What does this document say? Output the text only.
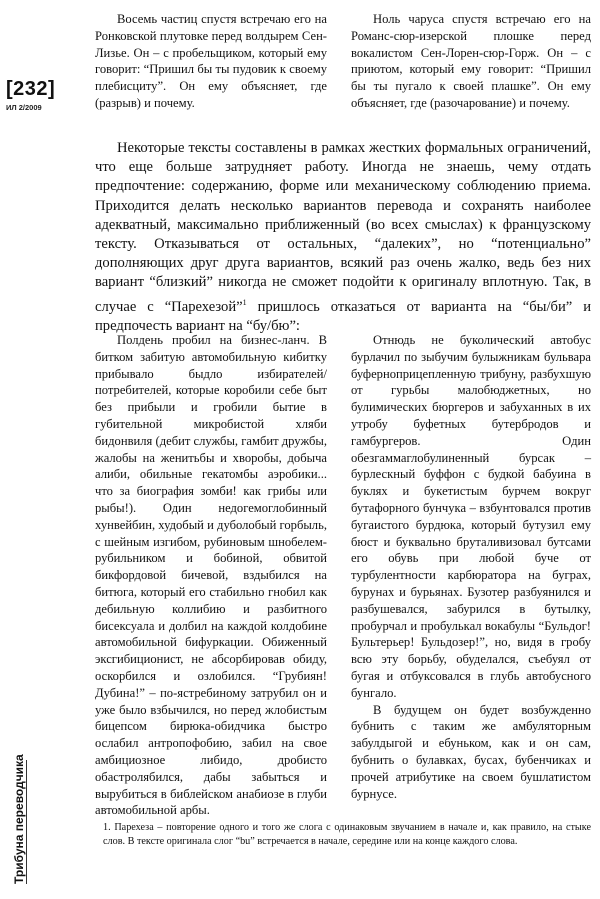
[232]
ИЛ 2/2009

Восемь частиц спустя встречаю его на Ронковской плутовке перед волдырем Сен-Лизье. Он – с пробельщиком, который ему говорит: “Пришил бы ты пудовик к своему плебисциту”. Он ему объясняет, где (разрыв) и почему.

Ноль чаруса спустя встречаю его на Романс-сюр-изерской плошке перед вокалистом Сен-Лорен-сюр-Горж. Он – с приютом, который ему говорит: “Пришил бы ты пугало к своей плашке”. Он ему объясняет, где (разочарование) и почему.

Некоторые тексты составлены в рамках жестких формальных ограничений, что еще больше затрудняет работу. Иногда не знаешь, чему отдать предпочтение: содержанию, форме или механическому соблюдению приема. Приходится делать несколько вариантов перевода и сохранять наиболее адекватный, максимально приближенный (во всех смыслах) к французскому тексту. Отказываться от остальных, “далеких”, но “потенциально” дополняющих друг друга вариантов, всякий раз очень жалко, ведь без них вариант “близкий” никогда не сможет подойти к оригиналу вплотную. Так, в случае с “Парехезой”$^1$ пришлось отказаться от варианта на “бы/би” и предпочесть вариант на “бу/бю”:

Полдень пробил на бизнес-ланч. В битком забитую автомобильную кибитку прибывало быдло избирателей/потребителей, которые коробили себе быт без прибыли и гробили бытие в губительной микробистой хляби бидонвиля (дебит службы, гамбит дружбы, жалобы на женитьбы и хворобы, добыча алиби, обильные гекатомбы аэробики... что за биография зомби! как грибы или рыбы!). Один недогемоглобинный хунвейбин, худобый и дуболобый горбыль, с шейным изгибом, рубиновым шнобелем-рубильником и бобиной, обвитой бикфордовой бичевой, вздыбился на битюга, который его стабильно гнобил как дебильную коллибию и разбитного бисексуала и долбил на каждой колдобине автомобильной бифуркации. Обиженный эксгибиционист, не абсорбировав обиду, оскорбился и озлобился. “Грубиян! Дубина!” – по-ястребиному затрубил он и уже было взбычился, но перед жлобистым бицепсом бирюка-обидчика быстро ослабил антропофобию, забил на свое амбициозное либидо, дробисто обастролябился, дабы забыться и вырубиться в библейском анабиозе в глуби автомобильной арбы.

Отнюдь не буколический автобус бурлачил по зыбучим булыжникам бульвара буферноприцепленную трибуну, разбухшую от гурьбы малобюджетных, но булимических бюргеров и забуханных в их утробу буфетных бутербродов и гамбургеров. Один обезгаммаглобулиненный бурсак – бурлескный буффон с будкой бабуина в буклях и букетистым бурчем вокруг бутафорного бунчука – взбунтовался против бугаистого бурдюка, который бутузил ему бюст и буквально бруталивизовал бутсами его обувь при любой буче от турбулентности карбюратора на буграх, бурунах и бурьянах. Бузотер разбуянился и разбушевался, забурился в бутылку, пробурчал и пробулькал вокабулы “Бульдог! Бультерьер! Бульдозер!”, но, видя в гробу всю эту борьбу, обуделался, съебуял от бугая и отбуксовался в глубь автобусного бунгало.

В будущем он будет возбужденно бубнить с таким же амбуляторным забулдыгой и ебуньком, как и он сам, бубнить о булавках, бусах, бубенчиках и прочей атрибутике на своем бушлатистом бурнусе.

1. Парехеза – повторение одного и того же слога с одинаковым звучанием в начале и, как правило, на стыке слов. В тексте оригинала слог “bu” встречается в начале, середине или на конце каждого слова.

Трибуна переводчика
